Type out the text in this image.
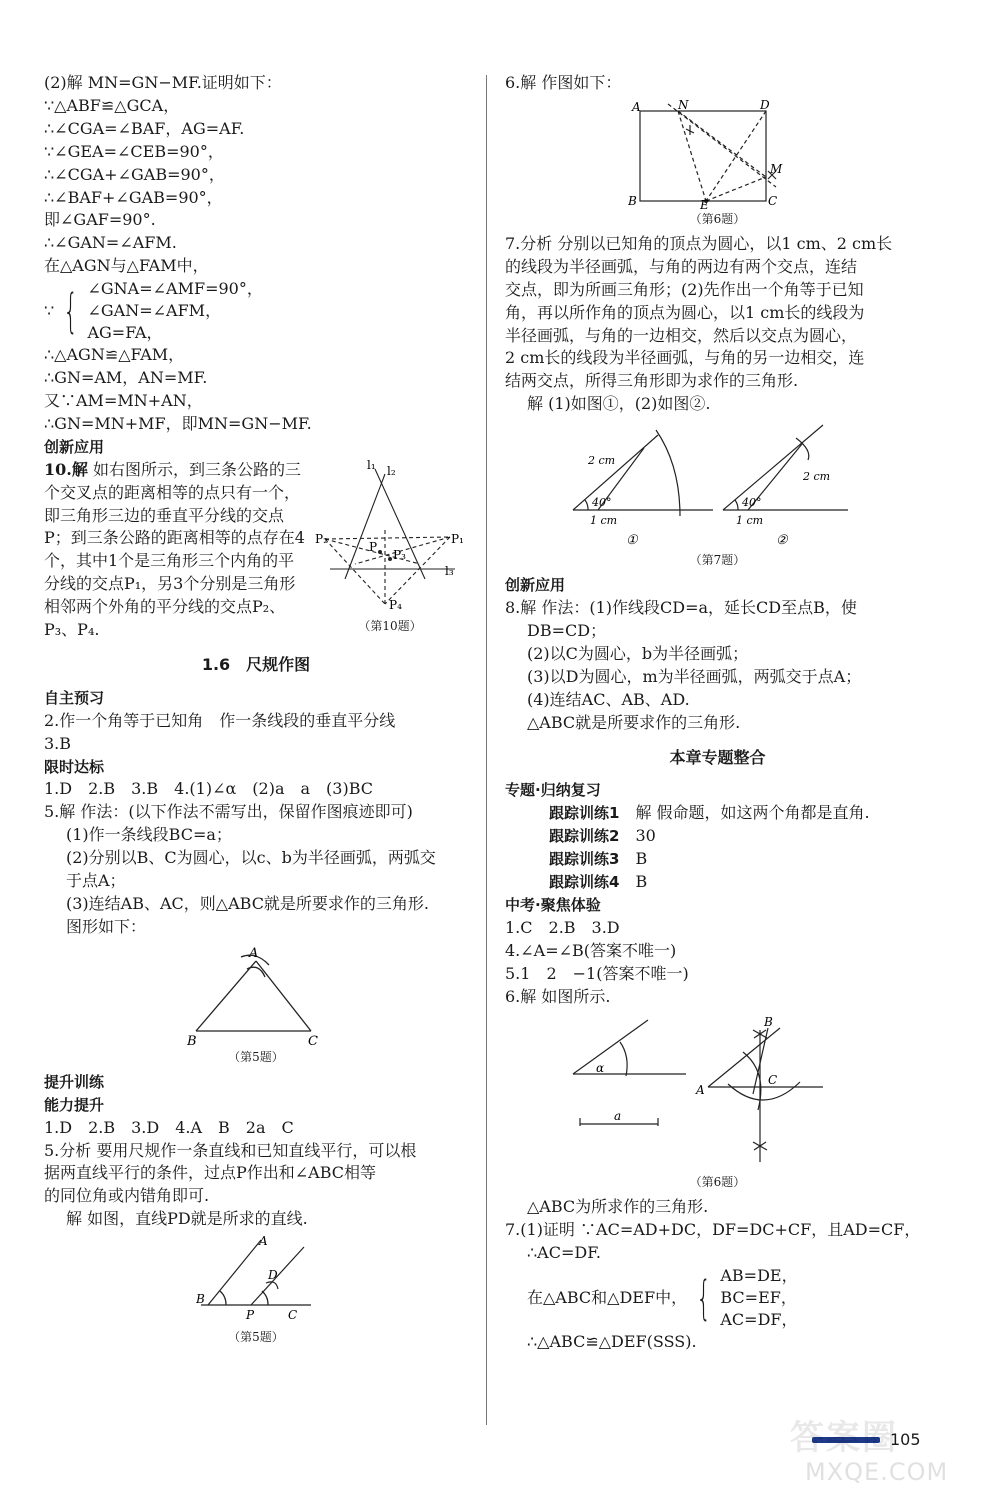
(2)解 MN=GN−MF.证明如下：
∵△ABF≌△GCA，
∴∠CGA=∠BAF，AG=AF.
∵∠GEA=∠CEB=90°，
∴∠CGA+∠GAB=90°，
∴∠BAF+∠GAB=90°，
即∠GAF=90°.
∴∠GAN=∠AFM.
在△AGN与△FAM中，
∵ { ∠GNA=∠AMF=90°，
∠GAN=∠AFM，
AG=FA，
∴△AGN≌△FAM，
∴GN=AM，AN=MF.
又∵AM=MN+AN，
∴GN=MN+MF，即MN=GN−MF.
创新应用
10.解 如右图所示，到三条公路的三个交叉点的距离相等的点只有一个，即三角形三边的垂直平分线的交点P；到三条公路的距离相等的点存在4个，其中1个是三角形三个内角的平分线的交点P₁，另3个分别是三角形相邻两个外角的平分线的交点P₂、P₃、P₄.
l₁ l₂
l₃
P₂	P₁
P₃
P
P₄
（第10题）
1.6　尺规作图
自主预习
2.作一个角等于已知角　作一条线段的垂直平分线
3.B
限时达标
1.D　2.B　3.B　4.(1)∠α　(2)a　a　(3)BC
5.解 作法：(以下作法不需写出，保留作图痕迹即可)
(1)作一条线段BC=a；
(2)分别以B、C为圆心，以c、b为半径画弧，两弧交
于点A；
(3)连结AB、AC，则△ABC就是所要求作的三角形.
图形如下：
A
B	C
（第5题）
提升训练
能力提升
1.D　2.B　3.D　4.A　B　2a　C
5.分析 要用尺规作一条直线和已知直线平行，可以根
据两直线平行的条件，过点P作出和∠ABC相等
的同位角或内错角即可.
解 如图，直线PD就是所求的直线.
A
D
B
P	C
（第5题）
6.解 作图如下：
A	N	D
M
B	E	C
（第6题）
7.分析 分别以已知角的顶点为圆心，以1 cm、2 cm长
的线段为半径画弧，与角的两边有两个交点，连结
交点，即为所画三角形；(2)先作出一个角等于已知
角，再以所作角的顶点为圆心，以1 cm长的线段为
半径画弧，与角的一边相交，然后以交点为圆心，
2 cm长的线段为半径画弧，与角的另一边相交，连
结两交点，所得三角形即为求作的三角形.
解 (1)如图①，(2)如图②.
2 cm
40°
1 cm
①
40°
2 cm
1 cm
②
（第7题）
创新应用
8.解 作法：(1)作线段CD=a，延长CD至点B，使
DB=CD；
(2)以C为圆心，b为半径画弧；
(3)以D为圆心，m为半径画弧，两弧交于点A；
(4)连结AC、AB、AD.
△ABC就是所要求作的三角形.
本章专题整合
专题·归纳复习
跟踪训练1　 解 假命题，如这两个角都是直角.
跟踪训练2　 30
跟踪训练3　 B
跟踪训练4　 B
中考·聚焦体验
1.C　2.B　3.D
4.∠A=∠B(答案不唯一)
5.1　2　−1(答案不唯一)
6.解 如图所示.
α
a
B
C
A
（第6题）
△ABC为所求作的三角形.
7.(1)证明 ∵AC=AD+DC，DF=DC+CF，且AD=CF，
∴AC=DF.
在△ABC和△DEF中， { AB=DE，
BC=EF，
AC=DF，
∴△ABC≌△DEF(SSS).
105
答案圈
MXQE.COM
